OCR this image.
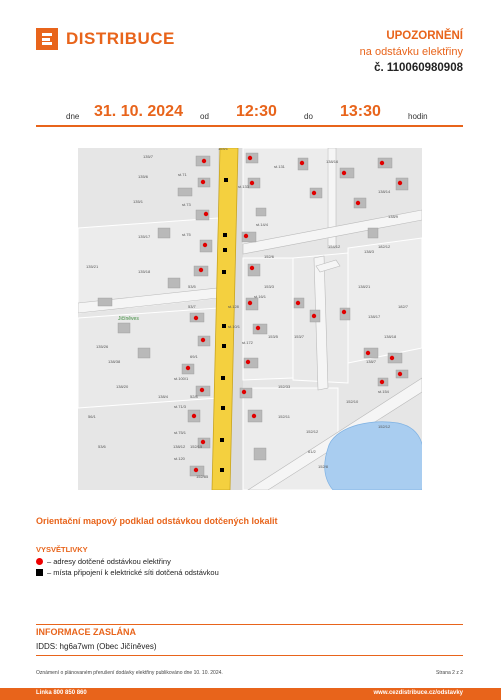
DISTRIBUCE	UPOZORNĚNÍ
na odstávku elektřiny
č. 110060980908
dne 31. 10. 2024 od 12:30	do 13:30	hodin
135/7
135/6
135/1
135/17
135/18
135/21
135/26
138/38
138/20
138/4
138/12
138/16
138/14
138/9
138/3
138/21
138/17
138/18
138/7
152/10
152/12
152/8
152/6
153/3
153/5	153/7
152/33
152/11
152/12
61/2
56/1
53/6
53/5
53/7
69/1
52/8
152/15
152/85
154/1
154/12	182/12
182/7
st.71
st.73
st.75
st.133
st.14/4
st.128
st.10/1
st.172
st.100/1
st.71/3
st.75/1
st.120
st.131
st.16/1
st.154
Jičíněves
Orientační mapový podklad odstávkou dotčených lokalit
VYSVĚTLIVKY
– adresy dotčené odstávkou elektřiny
– místa připojení k elektrické síti dotčená odstávkou
INFORMACE ZASLÁNA
IDDS: hg6a7wm (Obec Jičíněves)
Oznámení o plánovaném přerušení dodávky elektřiny publikováno dne 10. 10. 2024.	Strana 2 z 2
Linka 800 850 860	www.cezdistribuce.cz/odstavky
